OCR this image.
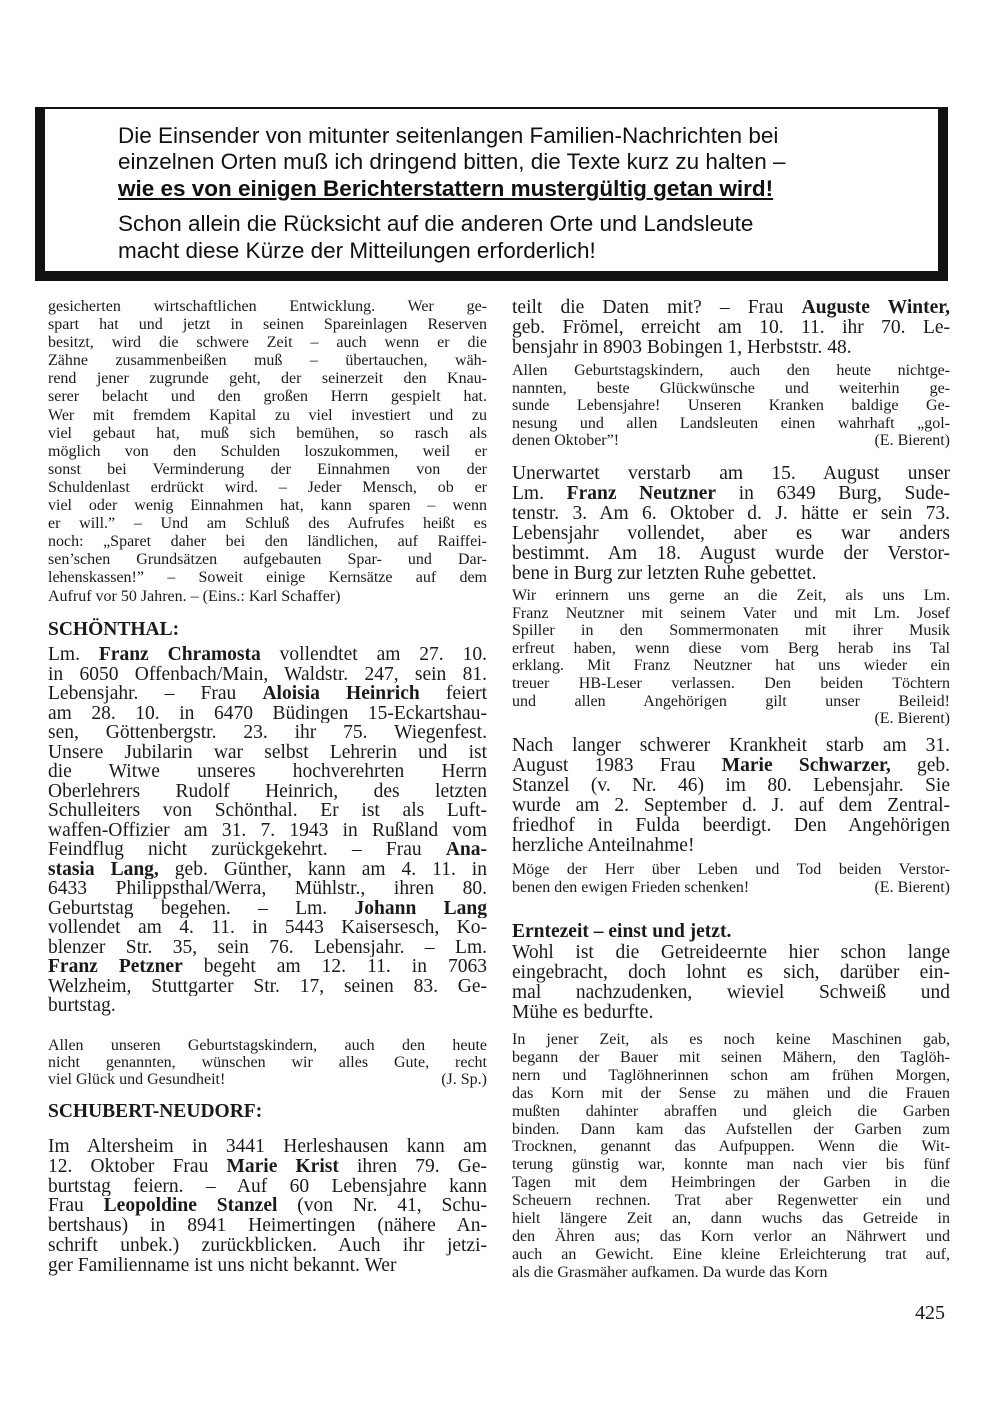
Die Einsender von mitunter seitenlangen Familien-Nachrichten bei
einzelnen Orten muß ich dringend bitten, die Texte kurz zu halten –
wie es von einigen Berichterstattern mustergültig getan wird!
Schon allein die Rücksicht auf die anderen Orte und Landsleute
macht diese Kürze der Mitteilungen erforderlich!
gesicherten wirtschaftlichen Entwicklung. Wer ge-
spart hat und jetzt in seinen Spareinlagen Reserven
besitzt, wird die schwere Zeit – auch wenn er die
Zähne zusammenbeißen muß – übertauchen, wäh-
rend jener zugrunde geht, der seinerzeit den Knau-
serer belacht und den großen Herrn gespielt hat.
Wer mit fremdem Kapital zu viel investiert und zu
viel gebaut hat, muß sich bemühen, so rasch als
möglich von den Schulden loszukommen, weil er
sonst bei Verminderung der Einnahmen von der
Schuldenlast erdrückt wird. – Jeder Mensch, ob er
viel oder wenig Einnahmen hat, kann sparen – wenn
er will.” – Und am Schluß des Aufrufes heißt es
noch: „Sparet daher bei den ländlichen, auf Raiffei-
sen’schen Grundsätzen aufgebauten Spar- und Dar-
lehenskassen!” – Soweit einige Kernsätze auf dem
Aufruf vor 50 Jahren. – (Eins.: Karl Schaffer)
SCHÖNTHAL:
Lm. Franz Chramosta vollendtet am 27. 10.
in 6050 Offenbach/Main, Waldstr. 247, sein 81.
Lebensjahr. – Frau Aloisia Heinrich feiert
am 28. 10. in 6470 Büdingen 15-Eckartshau-
sen, Göttenbergstr. 23. ihr 75. Wiegenfest.
Unsere Jubilarin war selbst Lehrerin und ist
die Witwe unseres hochverehrten Herrn
Oberlehrers Rudolf Heinrich, des letzten
Schulleiters von Schönthal. Er ist als Luft-
waffen-Offizier am 31. 7. 1943 in Rußland vom
Feindflug nicht zurückgekehrt. – Frau Ana-
stasia Lang, geb. Günther, kann am 4. 11. in
6433 Philippsthal/Werra, Mühlstr., ihren 80.
Geburtstag begehen. – Lm. Johann Lang
vollendet am 4. 11. in 5443 Kaisersesch, Ko-
blenzer Str. 35, sein 76. Lebensjahr. – Lm.
Franz Petzner begeht am 12. 11. in 7063
Welzheim, Stuttgarter Str. 17, seinen 83. Ge-
burtstag.
Allen unseren Geburtstagskindern, auch den heute
nicht genannten, wünschen wir alles Gute, recht
(J. Sp.)
viel Glück und Gesundheit!
SCHUBERT-NEUDORF:
Im Altersheim in 3441 Herleshausen kann am
12. Oktober Frau Marie Krist ihren 79. Ge-
burtstag feiern. – Auf 60 Lebensjahre kann
Frau Leopoldine Stanzel (von Nr. 41, Schu-
bertshaus) in 8941 Heimertingen (nähere An-
schrift unbek.) zurückblicken. Auch ihr jetzi-
ger Familienname ist uns nicht bekannt. Wer
teilt die Daten mit? – Frau Auguste Winter,
geb. Frömel, erreicht am 10. 11. ihr 70. Le-
bensjahr in 8903 Bobingen 1, Herbststr. 48.
Allen Geburtstagskindern, auch den heute nichtge-
nannten, beste Glückwünsche und weiterhin ge-
sunde Lebensjahre! Unseren Kranken baldige Ge-
nesung und allen Landsleuten einen wahrhaft „gol-
(E. Bierent)
denen Oktober”!
Unerwartet verstarb am 15. August unser
Lm. Franz Neutzner in 6349 Burg, Sude-
tenstr. 3. Am 6. Oktober d. J. hätte er sein 73.
Lebensjahr vollendet, aber es war anders
bestimmt. Am 18. August wurde der Verstor-
bene in Burg zur letzten Ruhe gebettet.
Wir erinnern uns gerne an die Zeit, als uns Lm.
Franz Neutzner mit seinem Vater und mit Lm. Josef
Spiller in den Sommermonaten mit ihrer Musik
erfreut haben, wenn diese vom Berg herab ins Tal
erklang. Mit Franz Neutzner hat uns wieder ein
treuer HB-Leser verlassen. Den beiden Töchtern
und allen Angehörigen gilt unser Beileid!
(E. Bierent)
Nach langer schwerer Krankheit starb am 31.
August 1983 Frau Marie Schwarzer, geb.
Stanzel (v. Nr. 46) im 80. Lebensjahr. Sie
wurde am 2. September d. J. auf dem Zentral-
friedhof in Fulda beerdigt. Den Angehörigen
herzliche Anteilnahme!
Möge der Herr über Leben und Tod beiden Verstor-
(E. Bierent)
benen den ewigen Frieden schenken!
Erntezeit – einst und jetzt.
Wohl ist die Getreideernte hier schon lange
eingebracht, doch lohnt es sich, darüber ein-
mal nachzudenken, wieviel Schweiß und
Mühe es bedurfte.
In jener Zeit, als es noch keine Maschinen gab,
begann der Bauer mit seinen Mähern, den Taglöh-
nern und Taglöhnerinnen schon am frühen Morgen,
das Korn mit der Sense zu mähen und die Frauen
mußten dahinter abraffen und gleich die Garben
binden. Dann kam das Aufstellen der Garben zum
Trocknen, genannt das Aufpuppen. Wenn die Wit-
terung günstig war, konnte man nach vier bis fünf
Tagen mit dem Heimbringen der Garben in die
Scheuern rechnen. Trat aber Regenwetter ein und
hielt längere Zeit an, dann wuchs das Getreide in
den Ähren aus; das Korn verlor an Nährwert und
auch an Gewicht. Eine kleine Erleichterung trat auf,
als die Grasmäher aufkamen. Da wurde das Korn
425
